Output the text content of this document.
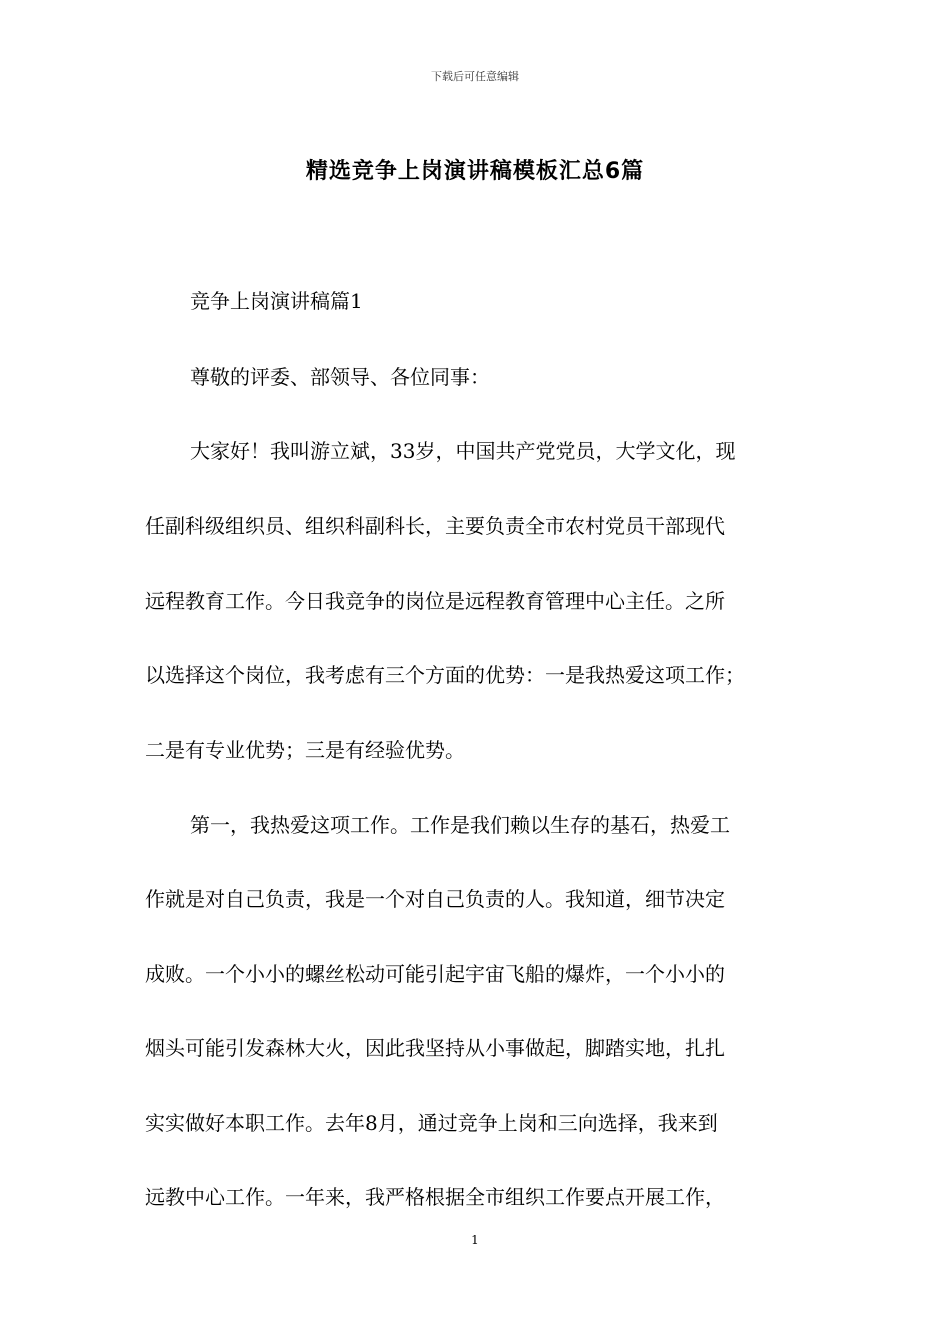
下载后可任意编辑
精选竞争上岗演讲稿模板汇总6篇
竞争上岗演讲稿篇1
尊敬的评委、部领导、各位同事：
大家好！我叫游立斌，33岁，中国共产党党员，大学文化，现
任副科级组织员、组织科副科长，主要负责全市农村党员干部现代
远程教育工作。今日我竞争的岗位是远程教育管理中心主任。之所
以选择这个岗位，我考虑有三个方面的优势：一是我热爱这项工作；
二是有专业优势；三是有经验优势。
第一，我热爱这项工作。工作是我们赖以生存的基石，热爱工
作就是对自己负责，我是一个对自己负责的人。我知道，细节决定
成败。一个小小的螺丝松动可能引起宇宙飞船的爆炸，一个小小的
烟头可能引发森林大火，因此我坚持从小事做起，脚踏实地，扎扎
实实做好本职工作。去年8月，通过竞争上岗和三向选择，我来到
远教中心工作。一年来，我严格根据全市组织工作要点开展工作，
1
